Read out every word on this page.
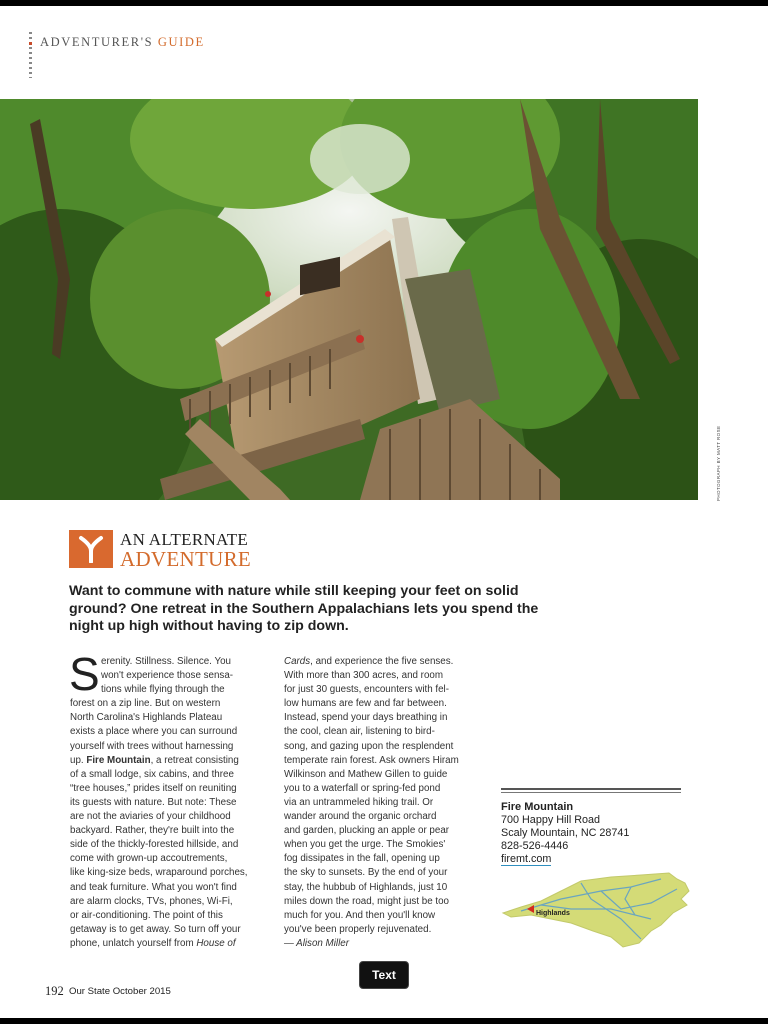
ADVENTURER'S GUIDE
PHOTOGRAPH BY MATT ROSE
AN ALTERNATE
ADVENTURE
Want to commune with nature while still keeping your feet on solid ground? One retreat in the Southern Appalachians lets you spend the night up high without having to zip down.
S erenity. Stillness. Silence. You
won't experience those sensa-
tions while flying through the
forest on a zip line. But on western
North Carolina's Highlands Plateau
exists a place where you can surround
yourself with trees without harnessing
up. Fire Mountain, a retreat consisting
of a small lodge, six cabins, and three
“tree houses,” prides itself on reuniting
its guests with nature. But note: These
are not the aviaries of your childhood
backyard. Rather, they're built into the
side of the thickly-forested hillside, and
come with grown-up accoutrements,
like king-size beds, wraparound porches,
and teak furniture. What you won't find
are alarm clocks, TVs, phones, Wi-Fi,
or air-conditioning. The point of this
getaway is to get away. So turn off your
phone, unlatch yourself from House of
Cards, and experience the five senses.
With more than 300 acres, and room
for just 30 guests, encounters with fel-
low humans are few and far between.
Instead, spend your days breathing in
the cool, clean air, listening to bird-
song, and gazing upon the resplendent
temperate rain forest. Ask owners Hiram
Wilkinson and Mathew Gillen to guide
you to a waterfall or spring-fed pond
via an untrammeled hiking trail. Or
wander around the organic orchard
and garden, plucking an apple or pear
when you get the urge. The Smokies'
fog dissipates in the fall, opening up
the sky to sunsets. By the end of your
stay, the hubbub of Highlands, just 10
miles down the road, might just be too
much for you. And then you'll know
you've been properly rejuvenated.
— Alison Miller
Fire Mountain
700 Happy Hill Road
Scaly Mountain, NC 28741
828-526-4446
firemt.com
Highlands
Text
192 Our State October 2015
